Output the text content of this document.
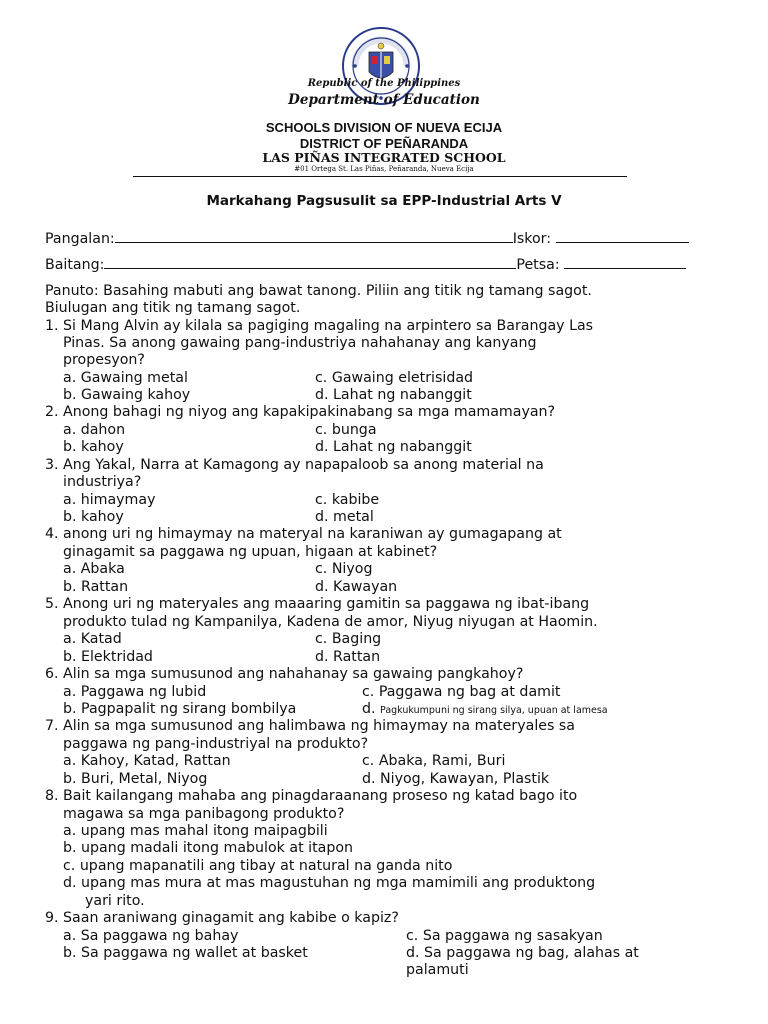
Republic of the Philippines
Department of Education
SCHOOLS DIVISION OF NUEVA ECIJA
DISTRICT OF PEÑARANDA
LAS PIÑAS INTEGRATED SCHOOL
#01 Ortega St. Las Piñas, Peñaranda, Nueva Ecija
Markahang Pagsusulit sa EPP-Industrial Arts V
Pangalan:	Iskor:
Baitang:	Petsa:
Panuto: Basahing mabuti ang bawat tanong. Piliin ang titik ng tamang sagot.
Biulugan ang titik ng tamang sagot.
1. Si Mang Alvin ay kilala sa pagiging magaling na arpintero sa Barangay Las
Pinas. Sa anong gawaing pang-industriya nahahanay ang kanyang
propesyon?
a. Gawaing metal	c. Gawaing eletrisidad
b. Gawaing kahoy	d. Lahat ng nabanggit
2. Anong bahagi ng niyog ang kapakipakinabang sa mga mamamayan?
a. dahon	c. bunga
b. kahoy	d. Lahat ng nabanggit
3. Ang Yakal, Narra at Kamagong ay napapaloob sa anong material na
industriya?
a. himaymay	c. kabibe
b. kahoy	d. metal
4. anong uri ng himaymay na materyal na karaniwan ay gumagapang at
ginagamit sa paggawa ng upuan, higaan at kabinet?
a. Abaka	c. Niyog
b. Rattan	d. Kawayan
5. Anong uri ng materyales ang maaaring gamitin sa paggawa ng ibat-ibang
produkto tulad ng Kampanilya, Kadena de amor, Niyug niyugan at Haomin.
a. Katad	c. Baging
b. Elektridad	d. Rattan
6. Alin sa mga sumusunod ang nahahanay sa gawaing pangkahoy?
a. Paggawa ng lubid	c. Paggawa ng bag at damit
b. Pagpapalit ng sirang bombilya	d. Pagkukumpuni ng sirang silya, upuan at lamesa
7. Alin sa mga sumusunod ang halimbawa ng himaymay na materyales sa
paggawa ng pang-industriyal na produkto?
a. Kahoy, Katad, Rattan	c. Abaka, Rami, Buri
b. Buri, Metal, Niyog	d. Niyog, Kawayan, Plastik
8. Bait kailangang mahaba ang pinagdaraanang proseso ng katad bago ito
magawa sa mga panibagong produkto?
a. upang mas mahal itong maipagbili
b. upang madali itong mabulok at itapon
c. upang mapanatili ang tibay at natural na ganda nito
d. upang mas mura at mas magustuhan ng mga mamimili ang produktong
yari rito.
9. Saan araniwang ginagamit ang kabibe o kapiz?
a. Sa paggawa ng bahay	c. Sa paggawa ng sasakyan
b. Sa paggawa ng wallet at basket	d. Sa paggawa ng bag, alahas at
palamuti
